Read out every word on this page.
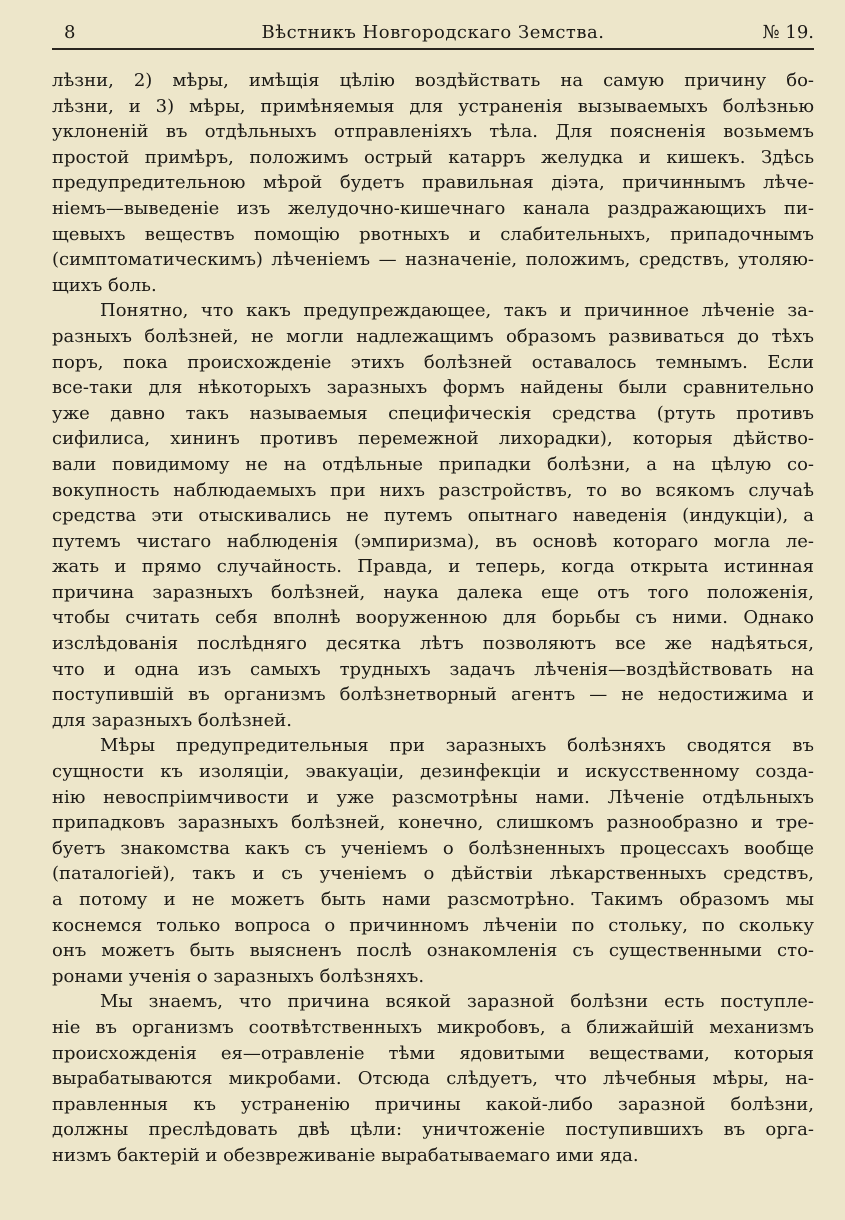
8	Вѣстникъ Новгородскаго Земства.	№ 19.
лѣзни, 2) мѣры, имѣщія цѣлію воздѣйствать на самую причину бо-
лѣзни, и 3) мѣры, примѣняемыя для устраненія вызываемыхъ болѣзнью
уклоненій въ отдѣльныхъ отправленіяхъ тѣла. Для поясненія возьмемъ
простой примѣръ, положимъ острый катарръ желудка и кишекъ. Здѣсь
предупредительною мѣрой будетъ правильная діэта, причиннымъ лѣче-
ніемъ—выведеніе изъ желудочно-кишечнаго канала раздражающихъ пи-
щевыхъ веществъ помощію рвотныхъ и слабительныхъ, припадочнымъ
(симптоматическимъ) лѣченіемъ — назначеніе, положимъ, средствъ, утоляю-
щихъ боль.
Понятно, что какъ предупреждающее, такъ и причинное лѣченіе за-
разныхъ болѣзней, не могли надлежащимъ образомъ развиваться до тѣхъ
поръ, пока происхожденіе этихъ болѣзней оставалось темнымъ. Если
все-таки для нѣкоторыхъ заразныхъ формъ найдены были сравнительно
уже давно такъ называемыя специфическія средства (ртуть противъ
сифилиса, хининъ противъ перемежной лихорадки), которыя дѣйство-
вали повидимому не на отдѣльные припадки болѣзни, а на цѣлую со-
вокупность наблюдаемыхъ при нихъ разстройствъ, то во всякомъ случаѣ
средства эти отыскивались не путемъ опытнаго наведенія (индукціи), а
путемъ чистаго наблюденія (эмпиризма), въ основѣ котораго могла ле-
жать и прямо случайность. Правда, и теперь, когда открыта истинная
причина заразныхъ болѣзней, наука далека еще отъ того положенія,
чтобы считать себя вполнѣ вооруженною для борьбы съ ними. Однако
изслѣдованія послѣдняго десятка лѣтъ позволяютъ все же надѣяться,
что и одна изъ самыхъ трудныхъ задачъ лѣченія—воздѣйствовать на
поступившій въ организмъ болѣзнетворный агентъ — не недостижима и
для заразныхъ болѣзней.
Мѣры предупредительныя при заразныхъ болѣзняхъ сводятся въ
сущности къ изоляціи, эвакуаціи, дезинфекціи и искусственному созда-
нію невоспріимчивости и уже разсмотрѣны нами. Лѣченіе отдѣльныхъ
припадковъ заразныхъ болѣзней, конечно, слишкомъ разнообразно и тре-
буетъ знакомства какъ съ ученіемъ о болѣзненныхъ процессахъ вообще
(паталогіей), такъ и съ ученіемъ о дѣйствіи лѣкарственныхъ средствъ,
а потому и не можетъ быть нами разсмотрѣно. Такимъ образомъ мы
коснемся только вопроса о причинномъ лѣченіи по стольку, по скольку
онъ можетъ быть выясненъ послѣ ознакомленія съ существенными сто-
ронами ученія о заразныхъ болѣзняхъ.
Мы знаемъ, что причина всякой заразной болѣзни есть поступле-
ніе въ организмъ соотвѣтственныхъ микробовъ, а ближайшій механизмъ
происхожденія ея—отравленіе тѣми ядовитыми веществами, которыя
вырабатываются микробами. Отсюда слѣдуетъ, что лѣчебныя мѣры, на-
правленныя къ устраненію причины какой-либо заразной болѣзни,
должны преслѣдовать двѣ цѣли: уничтоженіе поступившихъ въ орга-
низмъ бактерій и обезвреживаніе вырабатываемаго ими яда.
